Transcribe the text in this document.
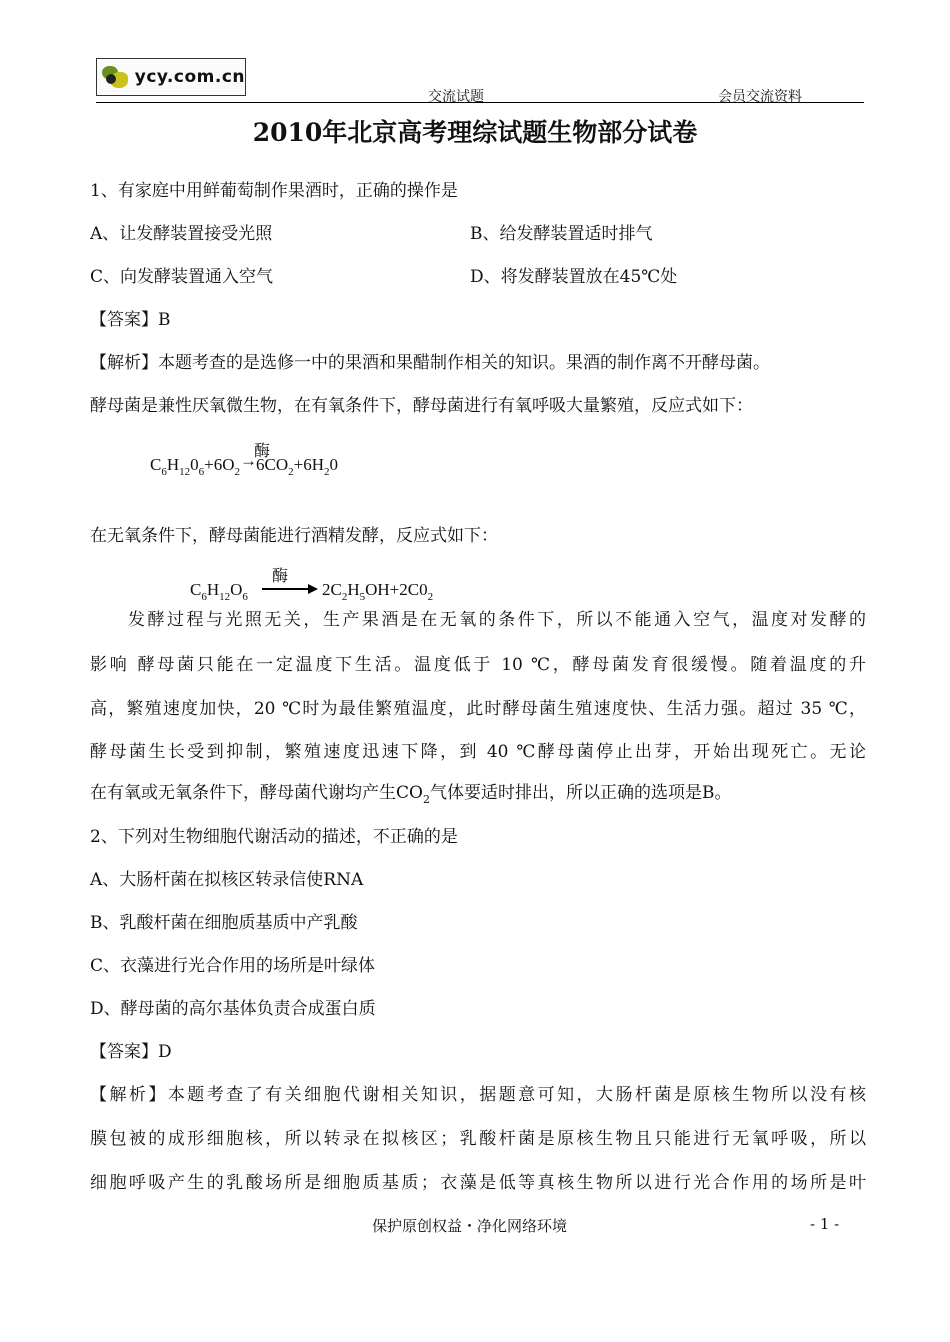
ycy.com.cn
交流试题	会员交流资料
2010年北京高考理综试题生物部分试卷
1、有家庭中用鲜葡萄制作果酒时，正确的操作是
A、让发酵装置接受光照	B、给发酵装置适时排气
C、向发酵装置通入空气	D、将发酵装置放在45℃处
【答案】B
【解析】本题考查的是选修一中的果酒和果醋制作相关的知识。果酒的制作离不开酵母菌。
酵母菌是兼性厌氧微生物，在有氧条件下，酵母菌进行有氧呼吸大量繁殖，反应式如下：
酶
$C_6H_{12}0_6+6O_2\to 6CO_2+6H_20$
在无氧条件下，酵母菌能进行酒精发酵，反应式如下：
酶
$C_6H_{12}O_6$	$2C_2H_5OH+2C0_2$
发酵过程与光照无关，生产果酒是在无氧的条件下，所以不能通入空气，温度对发酵的
影响 酵母菌只能在一定温度下生活。温度低于 10 ℃，酵母菌发育很缓慢。随着温度的升
高，繁殖速度加快，20 ℃时为最佳繁殖温度，此时酵母菌生殖速度快、生活力强。超过 35 ℃，
酵母菌生长受到抑制，繁殖速度迅速下降，到 40 ℃酵母菌停止出芽，开始出现死亡。无论
在有氧或无氧条件下，酵母菌代谢均产生$CO_2$气体要适时排出，所以正确的选项是B。
2、下列对生物细胞代谢活动的描述，不正确的是
A、大肠杆菌在拟核区转录信使RNA
B、乳酸杆菌在细胞质基质中产乳酸
C、衣藻进行光合作用的场所是叶绿体
D、酵母菌的高尔基体负责合成蛋白质
【答案】D
【解析】本题考查了有关细胞代谢相关知识，据题意可知，大肠杆菌是原核生物所以没有核
膜包被的成形细胞核，所以转录在拟核区；乳酸杆菌是原核生物且只能进行无氧呼吸，所以
细胞呼吸产生的乳酸场所是细胞质基质；衣藻是低等真核生物所以进行光合作用的场所是叶
保护原创权益・净化网络环境	- 1 -
